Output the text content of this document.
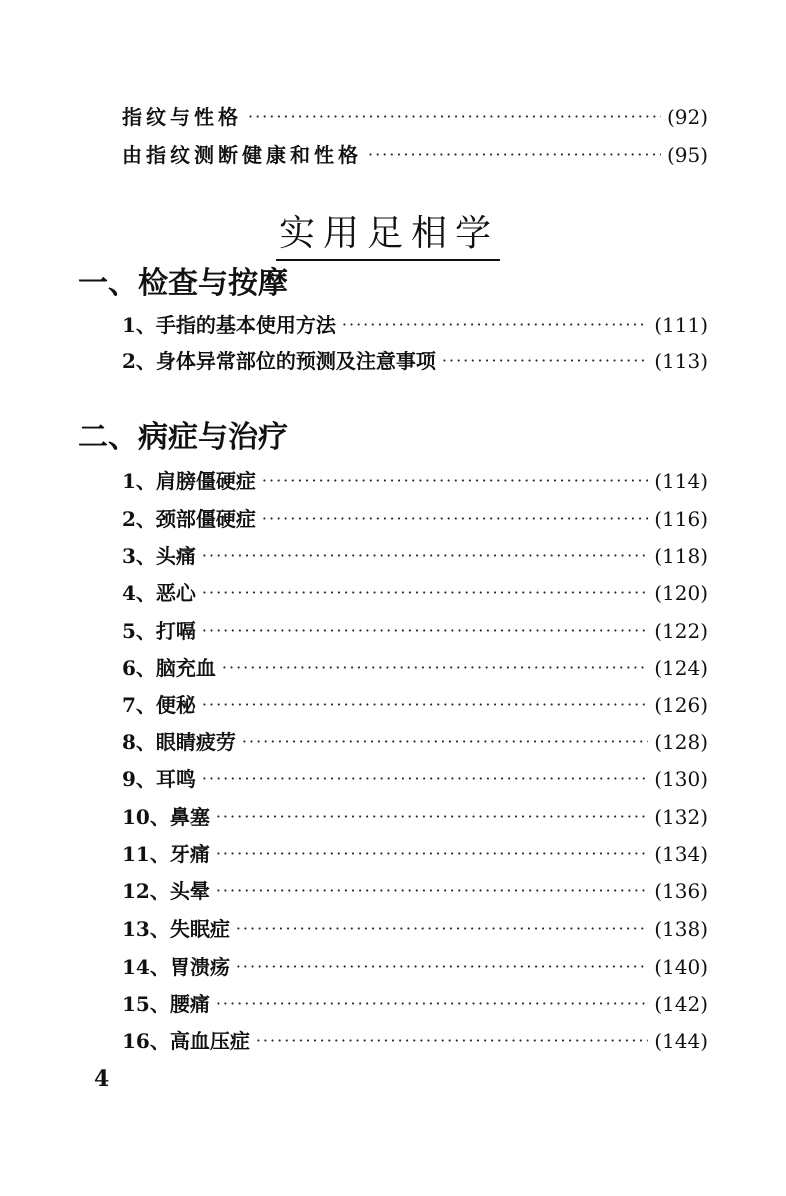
指纹与性格 ·····	(92)
由指纹测断健康和性格 ·····	(95)
实用足相学
一、检查与按摩
1、手指的基本使用方法 ·····	(111)
2、身体异常部位的预测及注意事项 ·····	(113)
二、病症与治疗
1、肩膀僵硬症 ·····	(114)
2、颈部僵硬症 ·····	(116)
3、头痛 ·····	(118)
4、恶心 ·····	(120)
5、打嗝 ·····	(122)
6、脑充血 ·····	(124)
7、便秘 ·····	(126)
8、眼睛疲劳 ·····	(128)
9、耳鸣 ·····	(130)
10、鼻塞 ·····	(132)
11、牙痛 ·····	(134)
12、头晕 ·····	(136)
13、失眠症 ·····	(138)
14、胃溃疡 ·····	(140)
15、腰痛 ·····	(142)
16、高血压症 ·····	(144)
4
